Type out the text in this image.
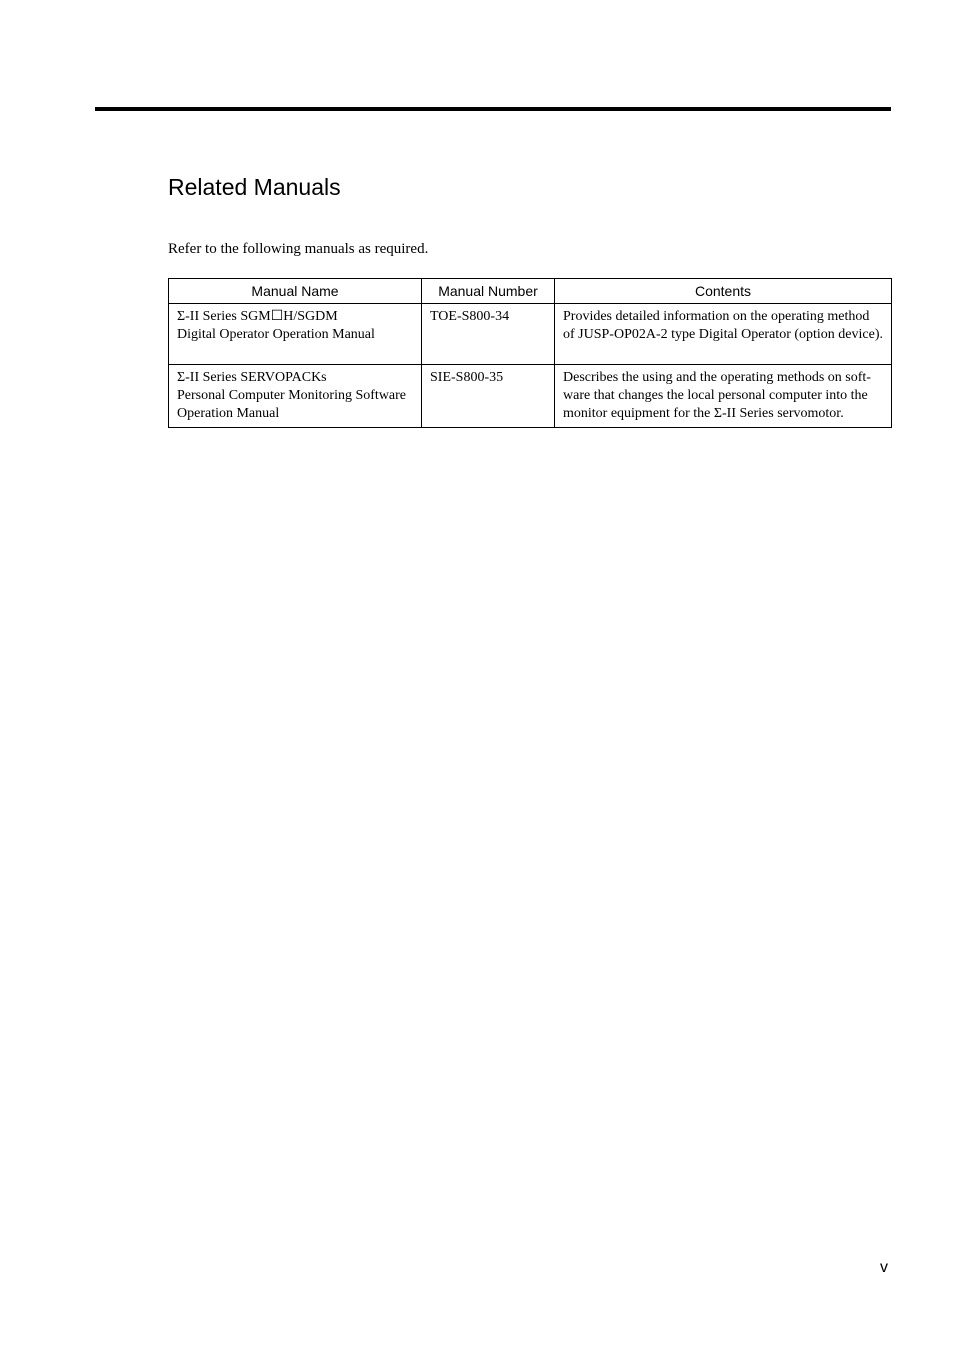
Related Manuals

Refer to the following manuals as required.

Manual Name	Manual Number	Contents

Σ-II Series SGM☐H/SGDM
Digital Operator Operation Manual	TOE-S800-34	Provides detailed information on the operating method of JUSP-OP02A-2 type Digital Operator (option device).

Σ-II Series SERVOPACKs
Personal Computer Monitoring Software
Operation Manual	SIE-S800-35	Describes the using and the operating methods on soft-ware that changes the local personal computer into the monitor equipment for the Σ-II Series servomotor.
v
